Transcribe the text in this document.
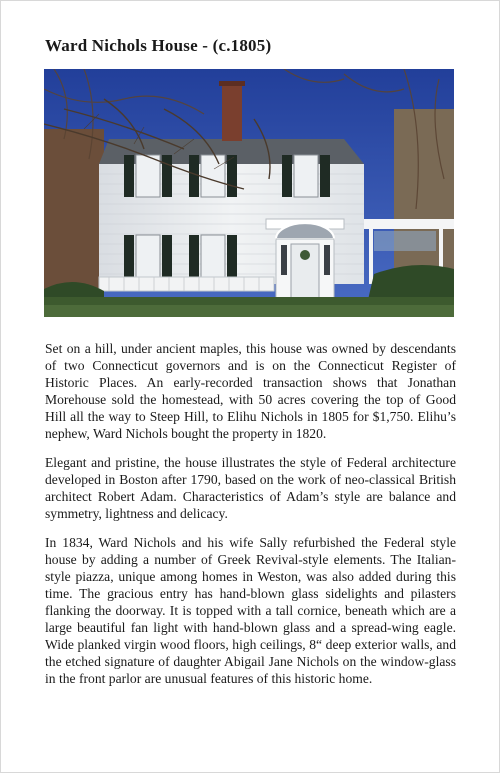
Ward Nichols House - (c.1805)

Set on a hill, under ancient maples, this house was owned by descendants of two Connecticut governors and is on the Connecticut Register of Historic Places. An early-recorded transaction shows that Jonathan Morehouse sold the homestead, with 50 acres covering the top of Good Hill all the way to Steep Hill, to Elihu Nichols in 1805 for $1,750. Elihu’s nephew, Ward Nichols bought the property in 1820.

Elegant and pristine, the house illustrates the style of Federal architecture developed in Boston after 1790, based on the work of neo-classical British architect Robert Adam. Characteristics of Adam’s style are balance and symmetry, lightness and delicacy.

In 1834, Ward Nichols and his wife Sally refurbished the Federal style house by adding a number of Greek Revival-style elements. The Italian-style piazza, unique among homes in Weston, was also added during this time. The gracious entry has hand-blown glass sidelights and pilasters flanking the doorway. It is topped with a tall cornice, beneath which are a large beautiful fan light with hand-blown glass and a spread-wing eagle. Wide planked virgin wood floors, high ceilings, 8“ deep exterior walls, and the etched signature of daughter Abigail Jane Nichols on the window-glass in the front parlor are unusual features of this historic home.
